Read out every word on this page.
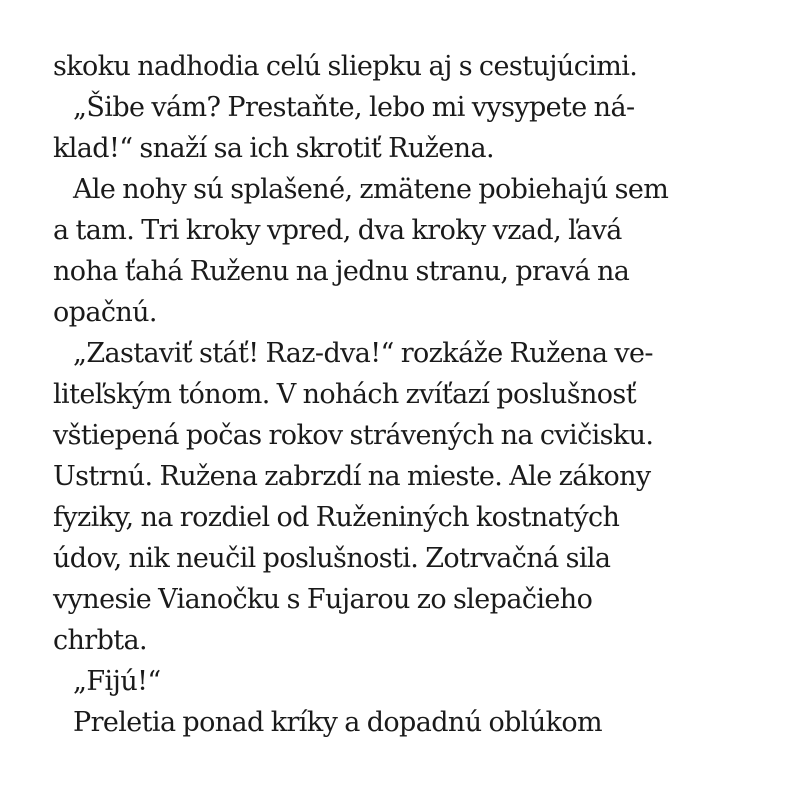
skoku nadhodia celú sliepku aj s cestujúcimi.
„Šibe vám? Prestaňte, lebo mi vysypete ná-
klad!“ snaží sa ich skrotiť Ružena.
Ale nohy sú splašené, zmätene pobiehajú sem
a tam. Tri kroky vpred, dva kroky vzad, ľavá
noha ťahá Ruženu na jednu stranu, pravá na
opačnú.
„Zastaviť stáť! Raz-dva!“ rozkáže Ružena ve-
liteľským tónom. V nohách zvíťazí poslušnosť
vštiepená počas rokov strávených na cvičisku.
Ustrnú. Ružena zabrzdí na mieste. Ale zákony
fyziky, na rozdiel od Ruženiných kostnatých
údov, nik neučil poslušnosti. Zotrvačná sila
vynesie Vianočku s Fujarou zo slepačieho
chrbta.
„Fijú!“
Preletia ponad kríky a dopadnú oblúkom
